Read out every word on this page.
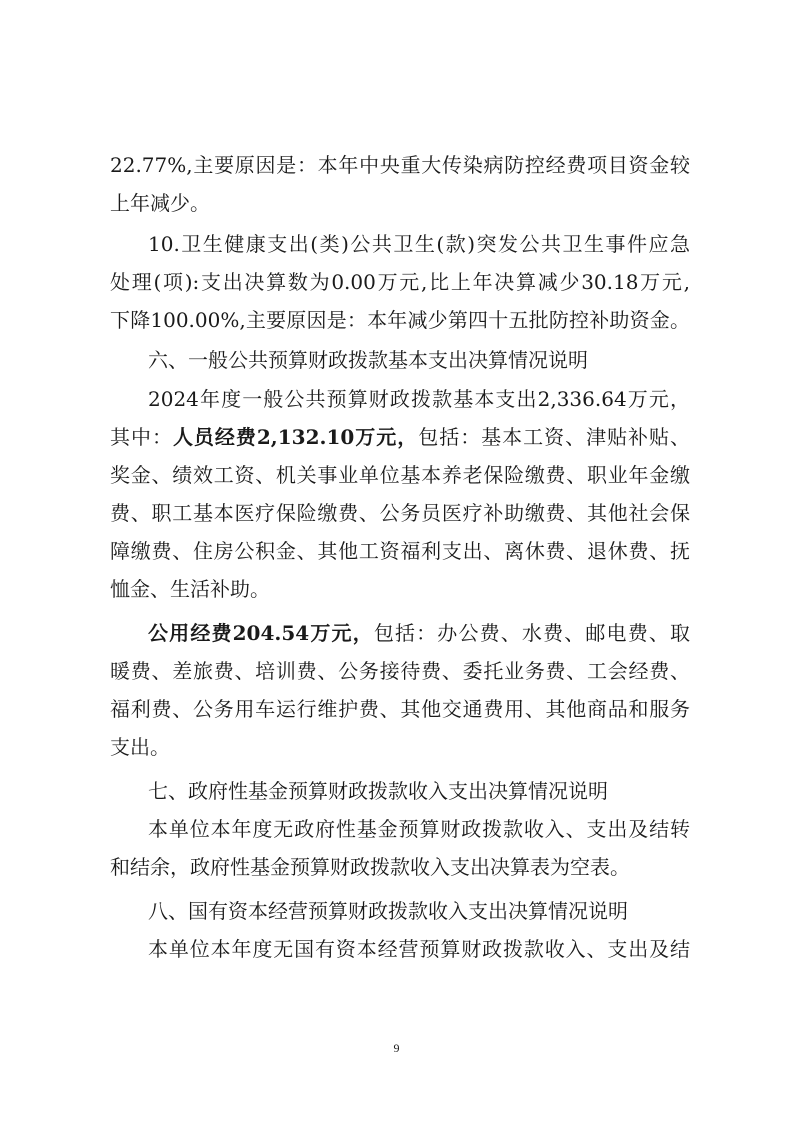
22.77%,主要原因是：本年中央重大传染病防控经费项目资金较
上年减少。
10.卫生健康支出(类)公共卫生(款)突发公共卫生事件应急
处理(项):支出决算数为0.00万元,比上年决算减少30.18万元,
下降100.00%,主要原因是：本年减少第四十五批防控补助资金。
六、一般公共预算财政拨款基本支出决算情况说明
2024年度一般公共预算财政拨款基本支出2,336.64万元，
其中：人员经费2,132.10万元，包括：基本工资、津贴补贴、
奖金、绩效工资、机关事业单位基本养老保险缴费、职业年金缴
费、职工基本医疗保险缴费、公务员医疗补助缴费、其他社会保
障缴费、住房公积金、其他工资福利支出、离休费、退休费、抚
恤金、生活补助。
公用经费204.54万元，包括：办公费、水费、邮电费、取
暖费、差旅费、培训费、公务接待费、委托业务费、工会经费、
福利费、公务用车运行维护费、其他交通费用、其他商品和服务
支出。
七、政府性基金预算财政拨款收入支出决算情况说明
本单位本年度无政府性基金预算财政拨款收入、支出及结转
和结余，政府性基金预算财政拨款收入支出决算表为空表。
八、国有资本经营预算财政拨款收入支出决算情况说明
本单位本年度无国有资本经营预算财政拨款收入、支出及结
9
